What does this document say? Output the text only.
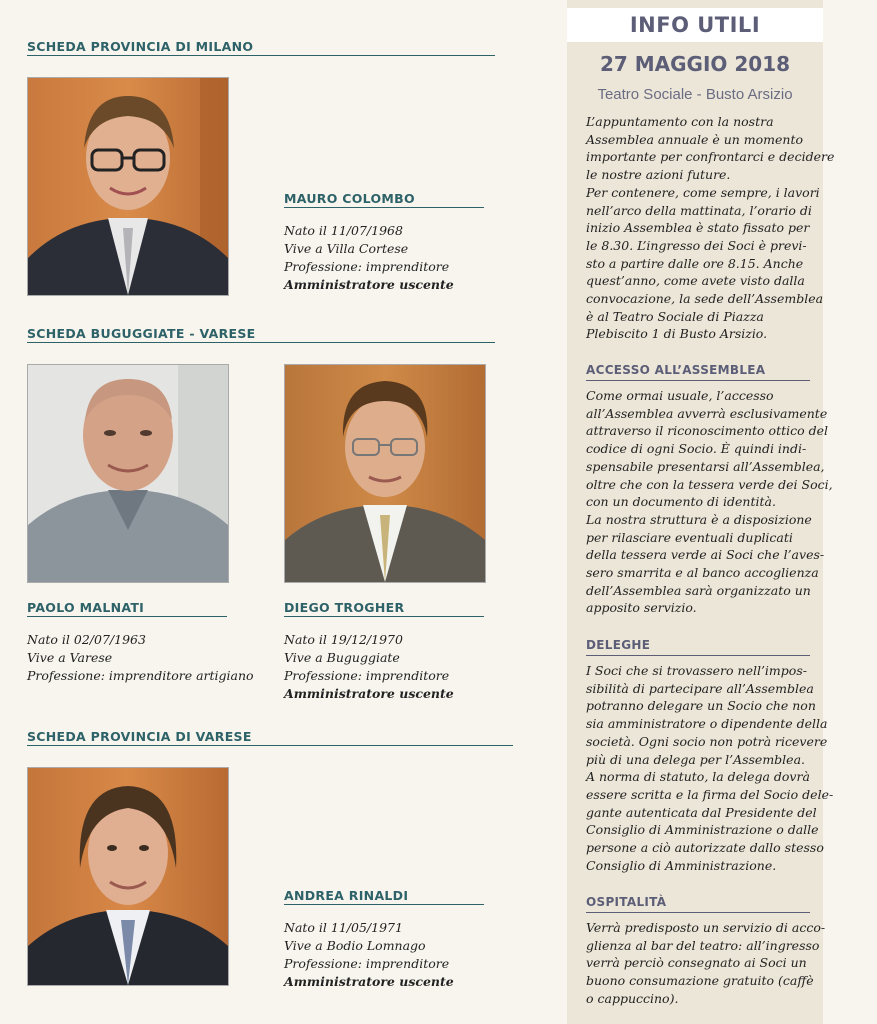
SCHEDA PROVINCIA DI MILANO
MAURO COLOMBO
Nato il 11/07/1968
Vive a Villa Cortese
Professione: imprenditore
Amministratore uscente
SCHEDA BUGUGGIATE - VARESE
PAOLO MALNATI
Nato il 02/07/1963
Vive a Varese
Professione: imprenditore artigiano
DIEGO TROGHER
Nato il 19/12/1970
Vive a Buguggiate
Professione: imprenditore
Amministratore uscente
SCHEDA PROVINCIA DI VARESE
ANDREA RINALDI
Nato il 11/05/1971
Vive a Bodio Lomnago
Professione: imprenditore
Amministratore uscente
INFO UTILI
27 MAGGIO 2018
Teatro Sociale - Busto Arsizio
L’appuntamento con la nostra
Assemblea annuale è un momento
importante per confrontarci e decidere
le nostre azioni future.
Per contenere, come sempre, i lavori
nell’arco della mattinata, l’orario di
inizio Assemblea è stato fissato per
le 8.30. L’ingresso dei Soci è previ-
sto a partire dalle ore 8.15. Anche
quest’anno, come avete visto dalla
convocazione, la sede dell’Assemblea
è al Teatro Sociale di Piazza
Plebiscito 1 di Busto Arsizio.
ACCESSO ALL’ASSEMBLEA
Come ormai usuale, l’accesso
all’Assemblea avverrà esclusivamente
attraverso il riconoscimento ottico del
codice di ogni Socio. È quindi indi-
spensabile presentarsi all’Assemblea,
oltre che con la tessera verde dei Soci,
con un documento di identità.
La nostra struttura è a disposizione
per rilasciare eventuali duplicati
della tessera verde ai Soci che l’aves-
sero smarrita e al banco accoglienza
dell’Assemblea sarà organizzato un
apposito servizio.
DELEGHE
I Soci che si trovassero nell’impos-
sibilità di partecipare all’Assemblea
potranno delegare un Socio che non
sia amministratore o dipendente della
società. Ogni socio non potrà ricevere
più di una delega per l’Assemblea.
A norma di statuto, la delega dovrà
essere scritta e la firma del Socio dele-
gante autenticata dal Presidente del
Consiglio di Amministrazione o dalle
persone a ciò autorizzate dallo stesso
Consiglio di Amministrazione.
OSPITALITÀ
Verrà predisposto un servizio di acco-
glienza al bar del teatro: all’ingresso
verrà perciò consegnato ai Soci un
buono consumazione gratuito (caffè
o cappuccino).
